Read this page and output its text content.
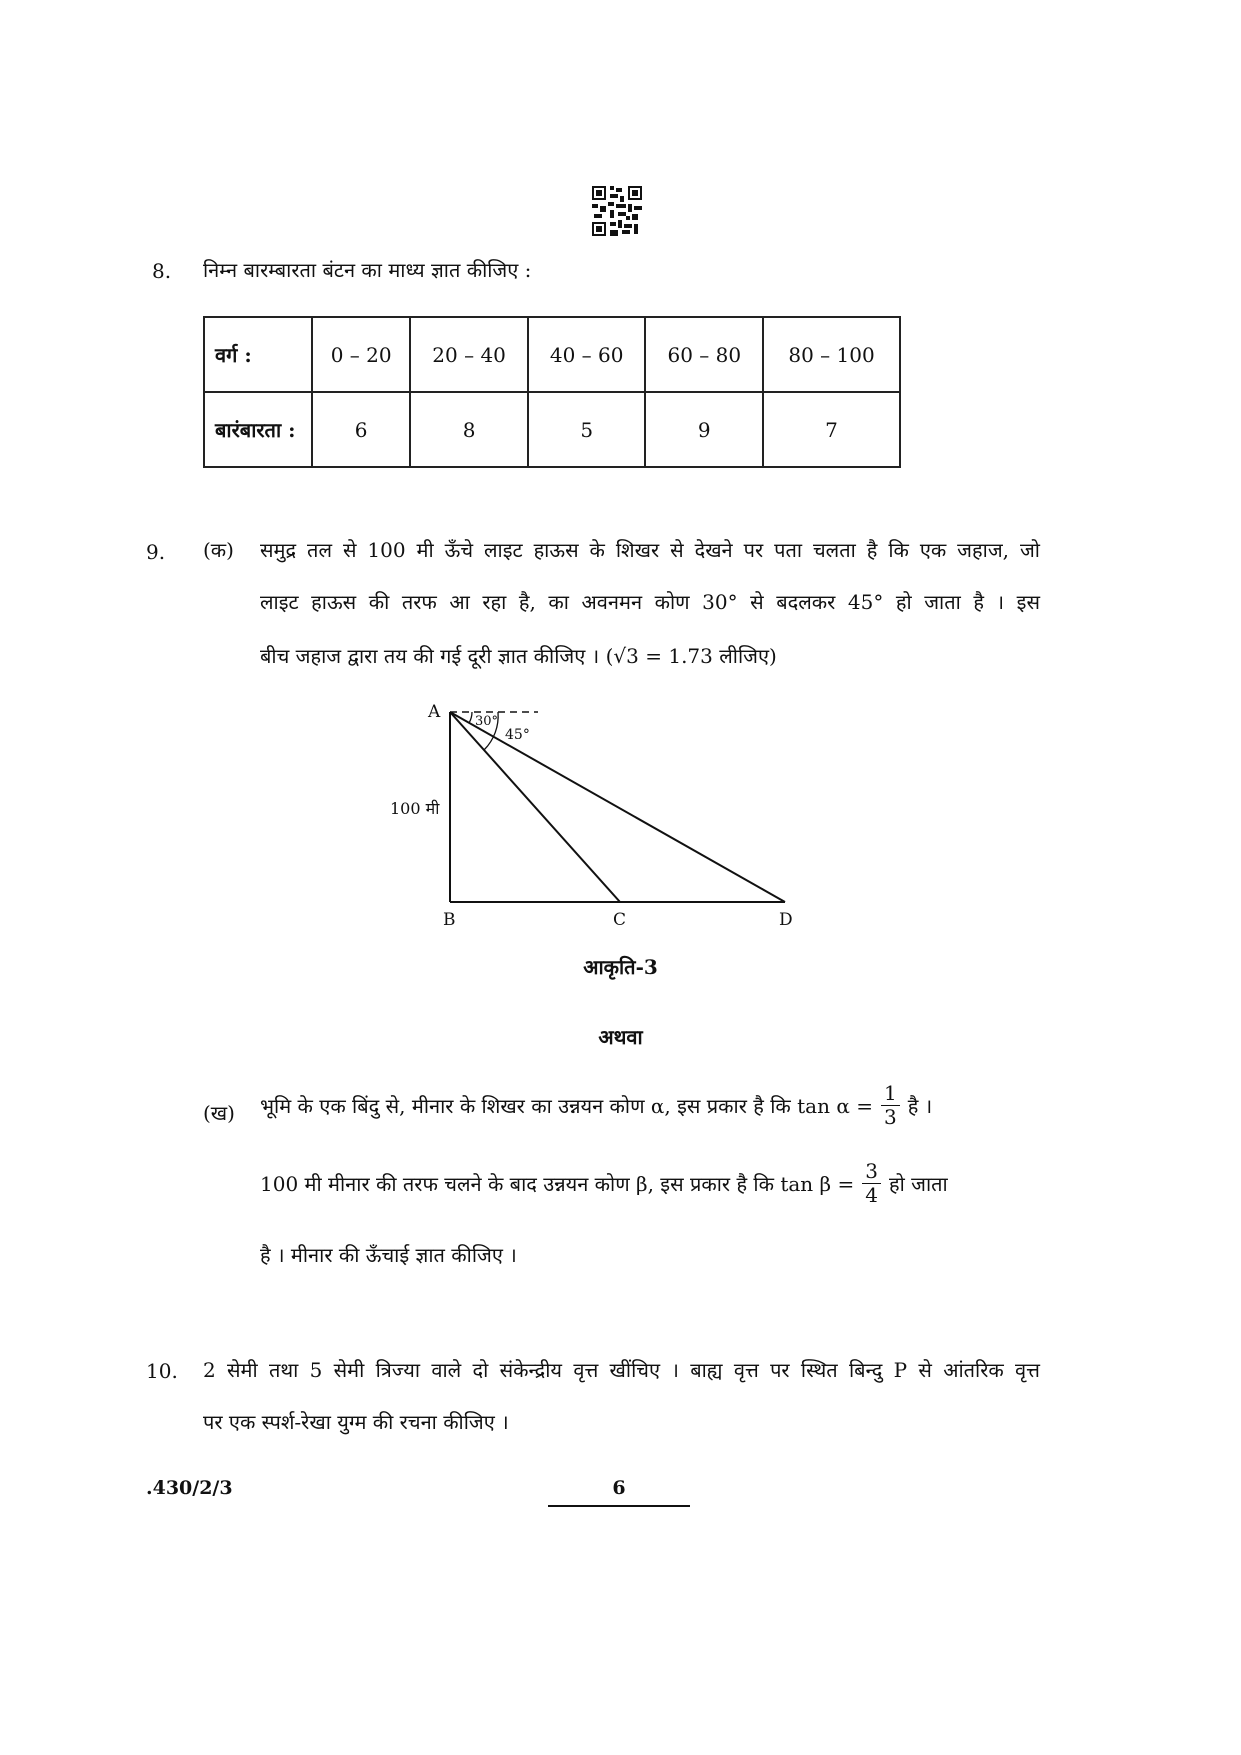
8. निम्न बारम्बारता बंटन का माध्य ज्ञात कीजिए :
वर्ग :	0 – 20	20 – 40	40 – 60	60 – 80	80 – 100
बारंबारता :	6	8	5	9	7
9. (क) समुद्र तल से 100 मी ऊँचे लाइट हाऊस के शिखर से देखने पर पता चलता है कि एक जहाज, जो
लाइट हाऊस की तरफ आ रहा है, का अवनमन कोण 30° से बदलकर 45° हो जाता है । इस
बीच जहाज द्वारा तय की गई दूरी ज्ञात कीजिए । (√3 = 1.73 लीजिए)
A
B	C	D
100 मी
30°
45°
आकृति-3
अथवा
(ख) भूमि के एक बिंदु से, मीनार के शिखर का उन्नयन कोण α, इस प्रकार है कि $\tan \alpha = \frac{1}{3}$ है ।
100 मी मीनार की तरफ चलने के बाद उन्नयन कोण β, इस प्रकार है कि $\tan \beta = \frac{3}{4}$ हो जाता
है । मीनार की ऊँचाई ज्ञात कीजिए ।
10. 2 सेमी तथा 5 सेमी त्रिज्या वाले दो संकेन्द्रीय वृत्त खींचिए । बाह्य वृत्त पर स्थित बिन्दु P से आंतरिक वृत्त
पर एक स्पर्श-रेखा युग्म की रचना कीजिए ।
.430/2/3	6
